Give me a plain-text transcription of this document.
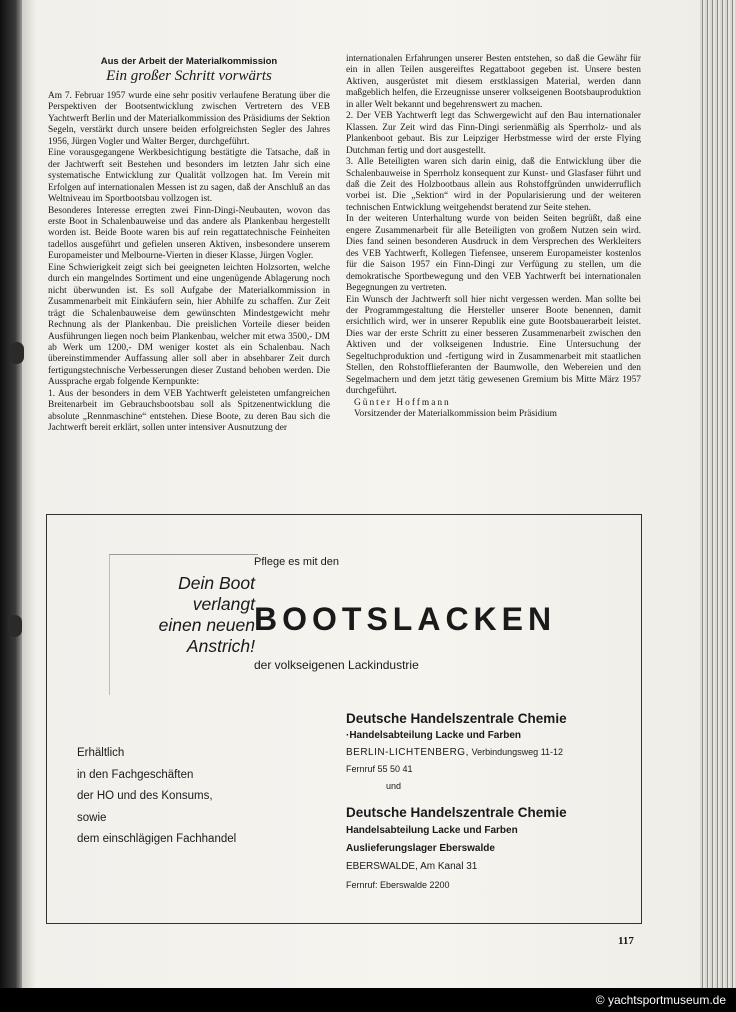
Aus der Arbeit der Materialkommission
Ein großer Schritt vorwärts

Am 7. Februar 1957 wurde eine sehr positiv verlaufene Beratung über die Perspektiven der Bootsentwicklung zwischen Vertretern des VEB Yachtwerft Berlin und der Materialkommission des Präsidiums der Sektion Segeln, verstärkt durch unsere beiden erfolgreichsten Segler des Jahres 1956, Jürgen Vogler und Walter Berger, durchgeführt.

Eine vorausgegangene Werkbesichtigung bestätigte die Tatsache, daß in der Jachtwerft seit Bestehen und besonders im letzten Jahr sich eine systematische Entwicklung zur Qualität vollzogen hat. Im Verein mit Erfolgen auf internationalen Messen ist zu sagen, daß der Anschluß an das Weltniveau im Sportbootsbau vollzogen ist.

Besonderes Interesse erregten zwei Finn-Dingi-Neubauten, wovon das erste Boot in Schalenbauweise und das andere als Plankenbau hergestellt worden ist. Beide Boote waren bis auf rein regattatechnische Feinheiten tadellos ausgeführt und gefielen unseren Aktiven, insbesondere unserem Europameister und Melbourne-Vierten in dieser Klasse, Jürgen Vogler.

Eine Schwierigkeit zeigt sich bei geeigneten leichten Holzsorten, welche durch ein mangelndes Sortiment und eine ungenügende Ablagerung noch nicht überwunden ist. Es soll Aufgabe der Materialkommission in Zusammenarbeit mit Einkäufern sein, hier Abhilfe zu schaffen. Zur Zeit trägt die Schalenbauweise dem gewünschten Mindestgewicht mehr Rechnung als der Plankenbau. Die preislichen Vorteile dieser beiden Ausführungen liegen noch beim Plankenbau, welcher mit etwa 3500,- DM ab Werk um 1200,- DM weniger kostet als ein Schalenbau. Nach übereinstimmender Auffassung aller soll aber in absehbarer Zeit durch fertigungstechnische Verbesserungen dieser Zustand behoben werden. Die Aussprache ergab folgende Kernpunkte:

1. Aus der besonders in dem VEB Yachtwerft geleisteten umfangreichen Breitenarbeit im Gebrauchsbootsbau soll als Spitzenentwicklung die absolute „Rennmaschine“ entstehen. Diese Boote, zu deren Bau sich die Jachtwerft bereit erklärt, sollen unter intensiver Ausnutzung der

internationalen Erfahrungen unserer Besten entstehen, so daß die Gewähr für ein in allen Teilen ausgereiftes Regattaboot gegeben ist. Unsere besten Aktiven, ausgerüstet mit diesem erstklassigen Material, werden dann maßgeblich helfen, die Erzeugnisse unserer volkseigenen Bootsbauproduktion in aller Welt bekannt und begehrenswert zu machen.

2. Der VEB Yachtwerft legt das Schwergewicht auf den Bau internationaler Klassen. Zur Zeit wird das Finn-Dingi serienmäßig als Sperrholz- und als Plankenboot gebaut. Bis zur Leipziger Herbstmesse wird der erste Flying Dutchman fertig und dort ausgestellt.

3. Alle Beteiligten waren sich darin einig, daß die Entwicklung über die Schalenbauweise in Sperrholz konsequent zur Kunst- und Glasfaser führt und daß die Zeit des Holzbootbaus allein aus Rohstoffgründen unwiderruflich vorbei ist. Die „Sektion“ wird in der Popularisierung und der weiteren technischen Entwicklung weitgehendst beratend zur Seite stehen.

In der weiteren Unterhaltung wurde von beiden Seiten begrüßt, daß eine engere Zusammenarbeit für alle Beteiligten von großem Nutzen sein wird. Dies fand seinen besonderen Ausdruck in dem Versprechen des Werkleiters des VEB Yachtwerft, Kollegen Tiefensee, unserem Europameister kostenlos für die Saison 1957 ein Finn-Dingi zur Verfügung zu stellen, um die demokratische Sportbewegung und den VEB Yachtwerft bei internationalen Begegnungen zu vertreten.

Ein Wunsch der Jachtwerft soll hier nicht vergessen werden. Man sollte bei der Programmgestaltung die Hersteller unserer Boote benennen, damit ersichtlich wird, wer in unserer Republik eine gute Bootsbauerarbeit leistet. Dies war der erste Schritt zu einer besseren Zusammenarbeit zwischen den Aktiven und der volkseigenen Industrie. Eine Untersuchung der Segeltuchproduktion und -fertigung wird in Zusammenarbeit mit staatlichen Stellen, den Rohstofflieferanten der Baumwolle, den Webereien und den Segelmachern und dem jetzt tätig gewesenen Gremium bis Mitte März 1957 durchgeführt.

Günter Hoffmann

Vorsitzender der Materialkommission beim Präsidium

Dein Boot
verlangt
einen neuen
Anstrich!
Pflege es mit den
BOOTSLACKEN
der volkseigenen Lackindustrie
Erhältlich
in den Fachgeschäften
der HO und des Konsums,
sowie
dem einschlägigen Fachhandel
Deutsche Handelszentrale Chemie
·Handelsabteilung Lacke und Farben
BERLIN-LICHTENBERG, Verbindungsweg 11-12
Fernruf 55 50 41
und
Deutsche Handelszentrale Chemie
Handelsabteilung Lacke und Farben
Auslieferungslager Eberswalde
EBERSWALDE, Am Kanal 31
Fernruf: Eberswalde 2200
117
© yachtsportmuseum.de
